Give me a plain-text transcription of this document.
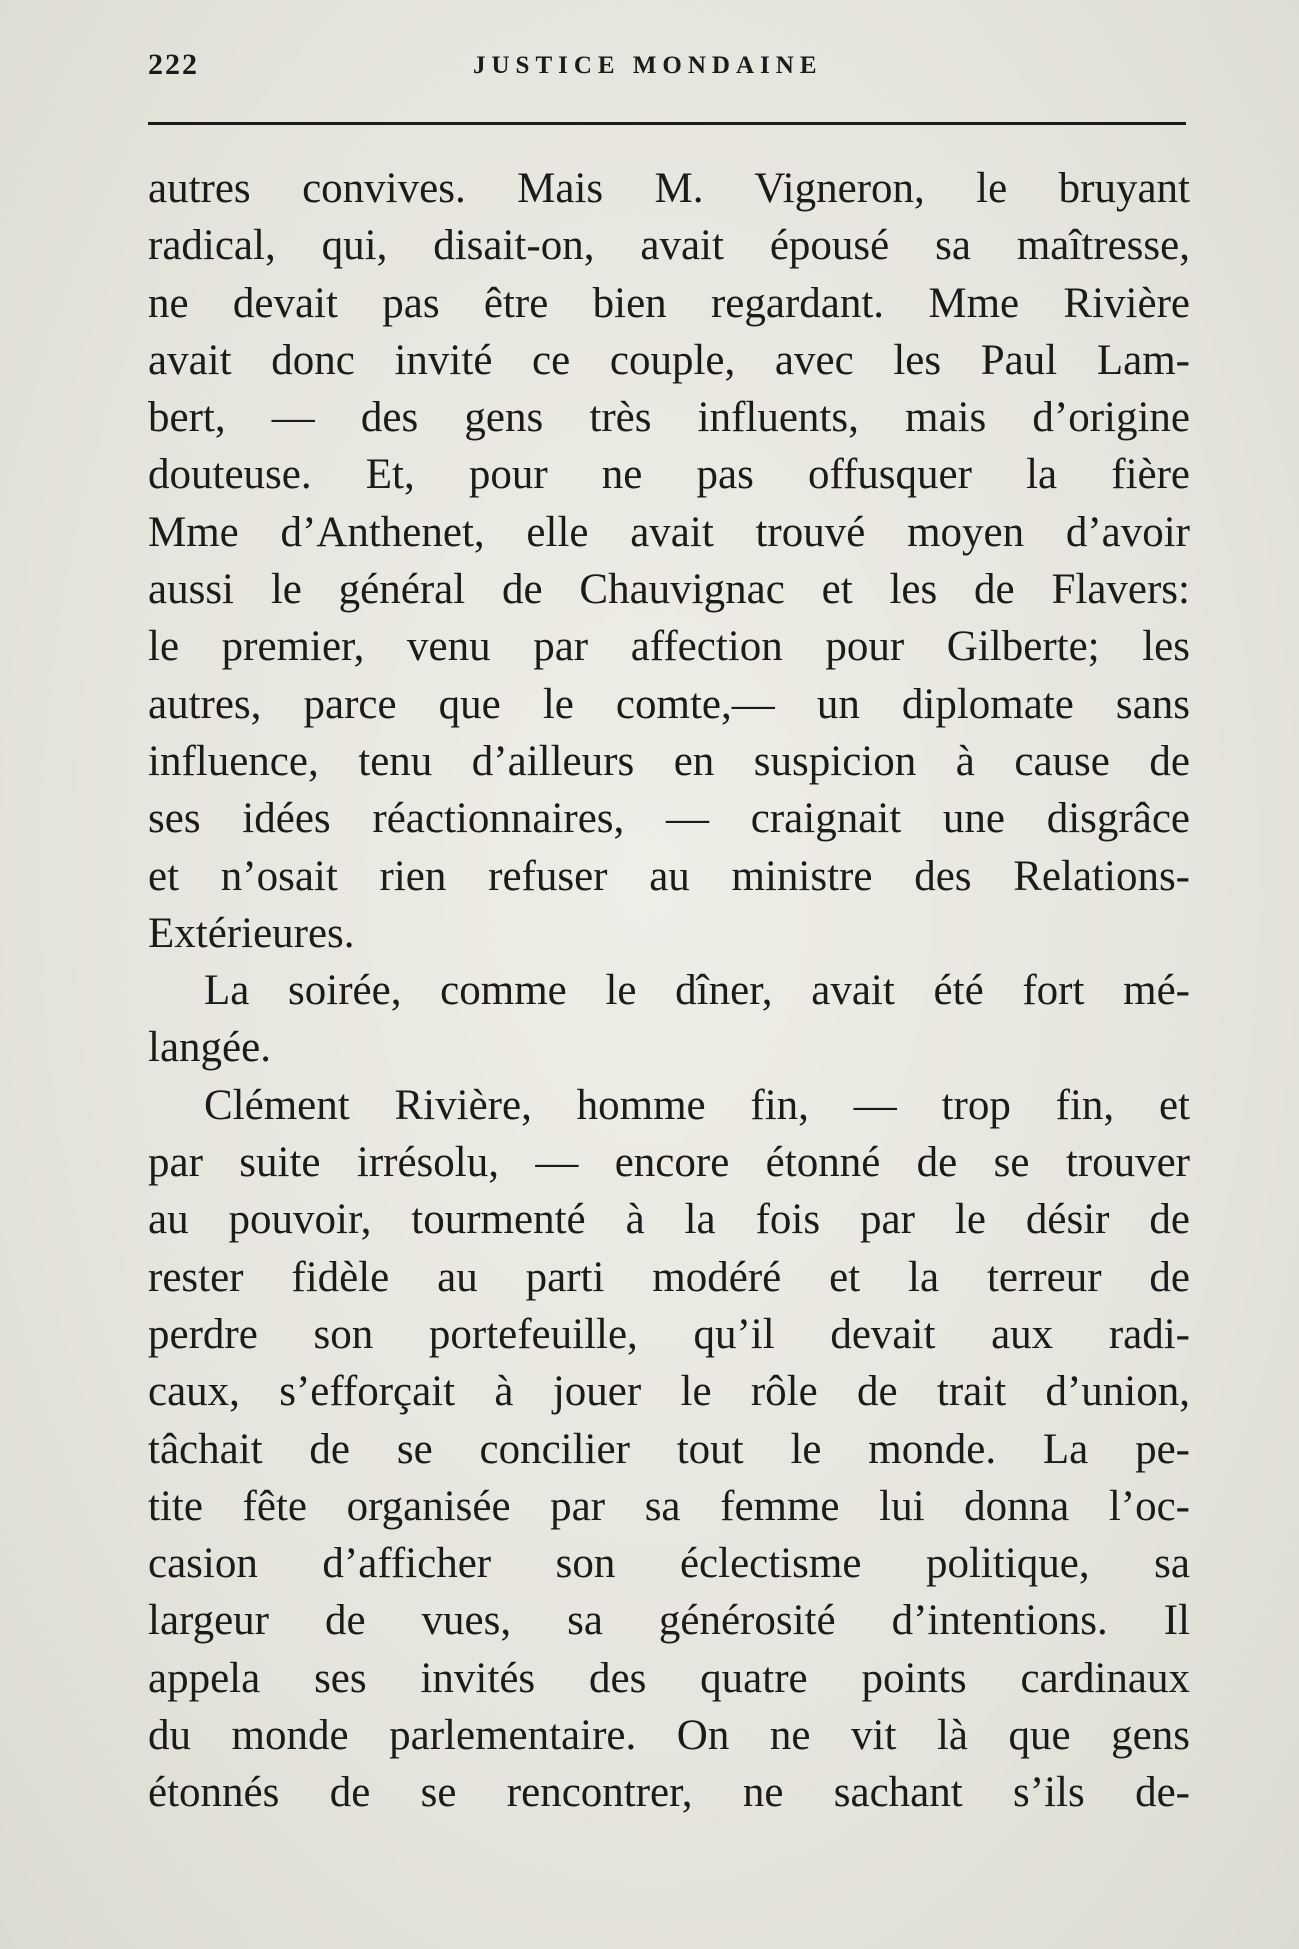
222	JUSTICE MONDAINE
autres convives. Mais M. Vigneron, le bruyant
radical, qui, disait-on, avait épousé sa maîtresse,
ne devait pas être bien regardant. Mme Rivière
avait donc invité ce couple, avec les Paul Lam-
bert, — des gens très influents, mais d’origine
douteuse. Et, pour ne pas offusquer la fière
Mme d’Anthenet, elle avait trouvé moyen d’avoir
aussi le général de Chauvignac et les de Flavers:
le premier, venu par affection pour Gilberte; les
autres, parce que le comte,— un diplomate sans
influence, tenu d’ailleurs en suspicion à cause de
ses idées réactionnaires, — craignait une disgrâce
et n’osait rien refuser au ministre des Relations-
Extérieures.
La soirée, comme le dîner, avait été fort mé-
langée.
Clément Rivière, homme fin, — trop fin, et
par suite irrésolu, — encore étonné de se trouver
au pouvoir, tourmenté à la fois par le désir de
rester fidèle au parti modéré et la terreur de
perdre son portefeuille, qu’il devait aux radi-
caux, s’efforçait à jouer le rôle de trait d’union,
tâchait de se concilier tout le monde. La pe-
tite fête organisée par sa femme lui donna l’oc-
casion d’afficher son éclectisme politique, sa
largeur de vues, sa générosité d’intentions. Il
appela ses invités des quatre points cardinaux
du monde parlementaire. On ne vit là que gens
étonnés de se rencontrer, ne sachant s’ils de-
